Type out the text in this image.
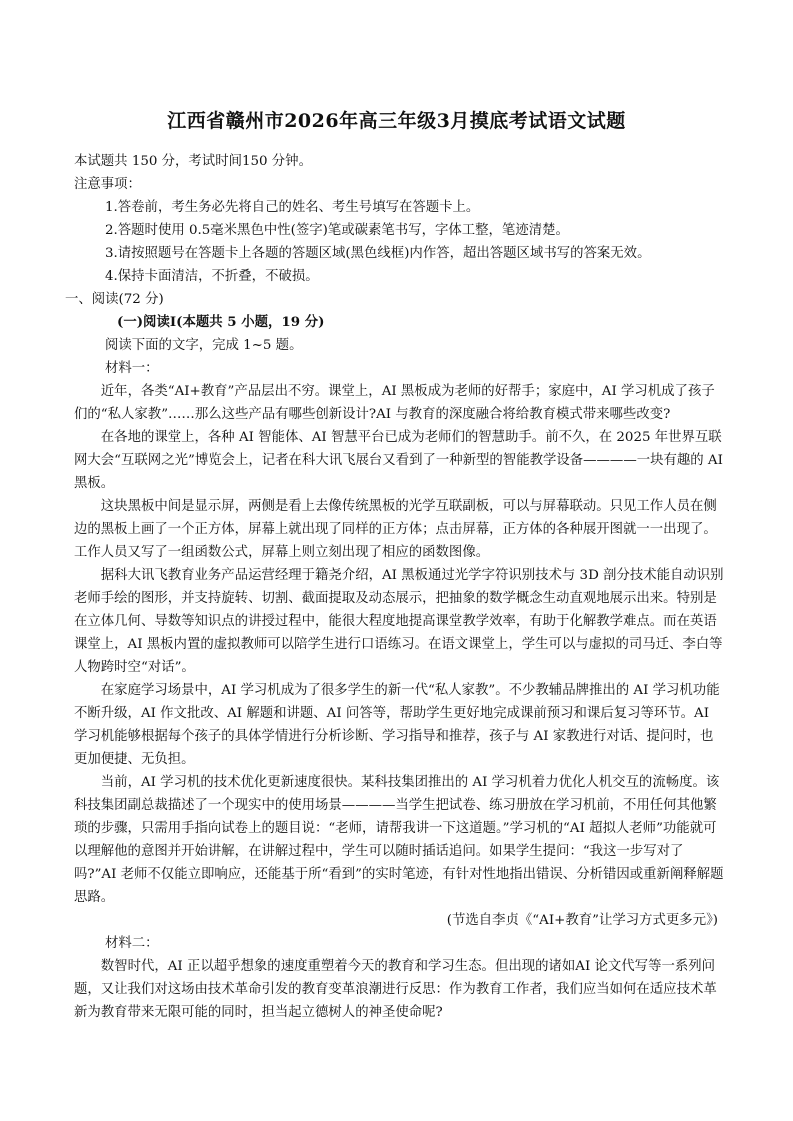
江西省赣州市2026年高三年级3月摸底考试语文试题

本试题共 150 分，考试时间150 分钟。

注意事项：

1.答卷前，考生务必先将自己的姓名、考生号填写在答题卡上。

2.答题时使用 0.5毫米黑色中性(签字)笔或碳素笔书写，字体工整，笔迹清楚。

3.请按照题号在答题卡上各题的答题区域(黑色线框)内作答，超出答题区域书写的答案无效。

4.保持卡面清洁，不折叠，不破损。

一、阅读(72 分)

(一)阅读Ⅰ(本题共 5 小题，19 分)

阅读下面的文字，完成 1~5 题。

材料一：

近年，各类“AI+教育”产品层出不穷。课堂上，AI 黑板成为老师的好帮手；家庭中，AI 学习机成了孩子们的“私人家教”……那么这些产品有哪些创新设计?AI 与教育的深度融合将给教育模式带来哪些改变?

在各地的课堂上，各种 AI 智能体、AI 智慧平台已成为老师们的智慧助手。前不久，在 2025 年世界互联网大会“互联网之光”博览会上，记者在科大讯飞展台又看到了一种新型的智能教学设备————一块有趣的 AI 黑板。

这块黑板中间是显示屏，两侧是看上去像传统黑板的光学互联副板，可以与屏幕联动。只见工作人员在侧边的黑板上画了一个正方体，屏幕上就出现了同样的正方体；点击屏幕，正方体的各种展开图就一一出现了。工作人员又写了一组函数公式，屏幕上则立刻出现了相应的函数图像。

据科大讯飞教育业务产品运营经理于籍尧介绍，AI 黑板通过光学字符识别技术与 3D 剖分技术能自动识别老师手绘的图形，并支持旋转、切割、截面提取及动态展示，把抽象的数学概念生动直观地展示出来。特别是在立体几何、导数等知识点的讲授过程中，能很大程度地提高课堂教学效率，有助于化解教学难点。而在英语课堂上，AI 黑板内置的虚拟教师可以陪学生进行口语练习。在语文课堂上，学生可以与虚拟的司马迁、李白等人物跨时空“对话”。

在家庭学习场景中，AI 学习机成为了很多学生的新一代“私人家教”。不少教辅品牌推出的 AI 学习机功能不断升级，AI 作文批改、AI 解题和讲题、AI 问答等，帮助学生更好地完成课前预习和课后复习等环节。AI 学习机能够根据每个孩子的具体学情进行分析诊断、学习指导和推荐，孩子与 AI 家教进行对话、提问时，也更加便捷、无负担。

当前，AI 学习机的技术优化更新速度很快。某科技集团推出的 AI 学习机着力优化人机交互的流畅度。该科技集团副总裁描述了一个现实中的使用场景————当学生把试卷、练习册放在学习机前，不用任何其他繁琐的步骤，只需用手指向试卷上的题目说：“老师，请帮我讲一下这道题。”学习机的“AI 超拟人老师”功能就可以理解他的意图并开始讲解，在讲解过程中，学生可以随时插话追问。如果学生提问：“我这一步写对了吗?”AI 老师不仅能立即响应，还能基于所“看到”的实时笔迹，有针对性地指出错误、分析错因或重新阐释解题思路。

(节选自李贞《“AI+教育”让学习方式更多元》)

材料二：

数智时代，AI 正以超乎想象的速度重塑着今天的教育和学习生态。但出现的诸如AI 论文代写等一系列问题，又让我们对这场由技术革命引发的教育变革浪潮进行反思：作为教育工作者，我们应当如何在适应技术革新为教育带来无限可能的同时，担当起立德树人的神圣使命呢?
